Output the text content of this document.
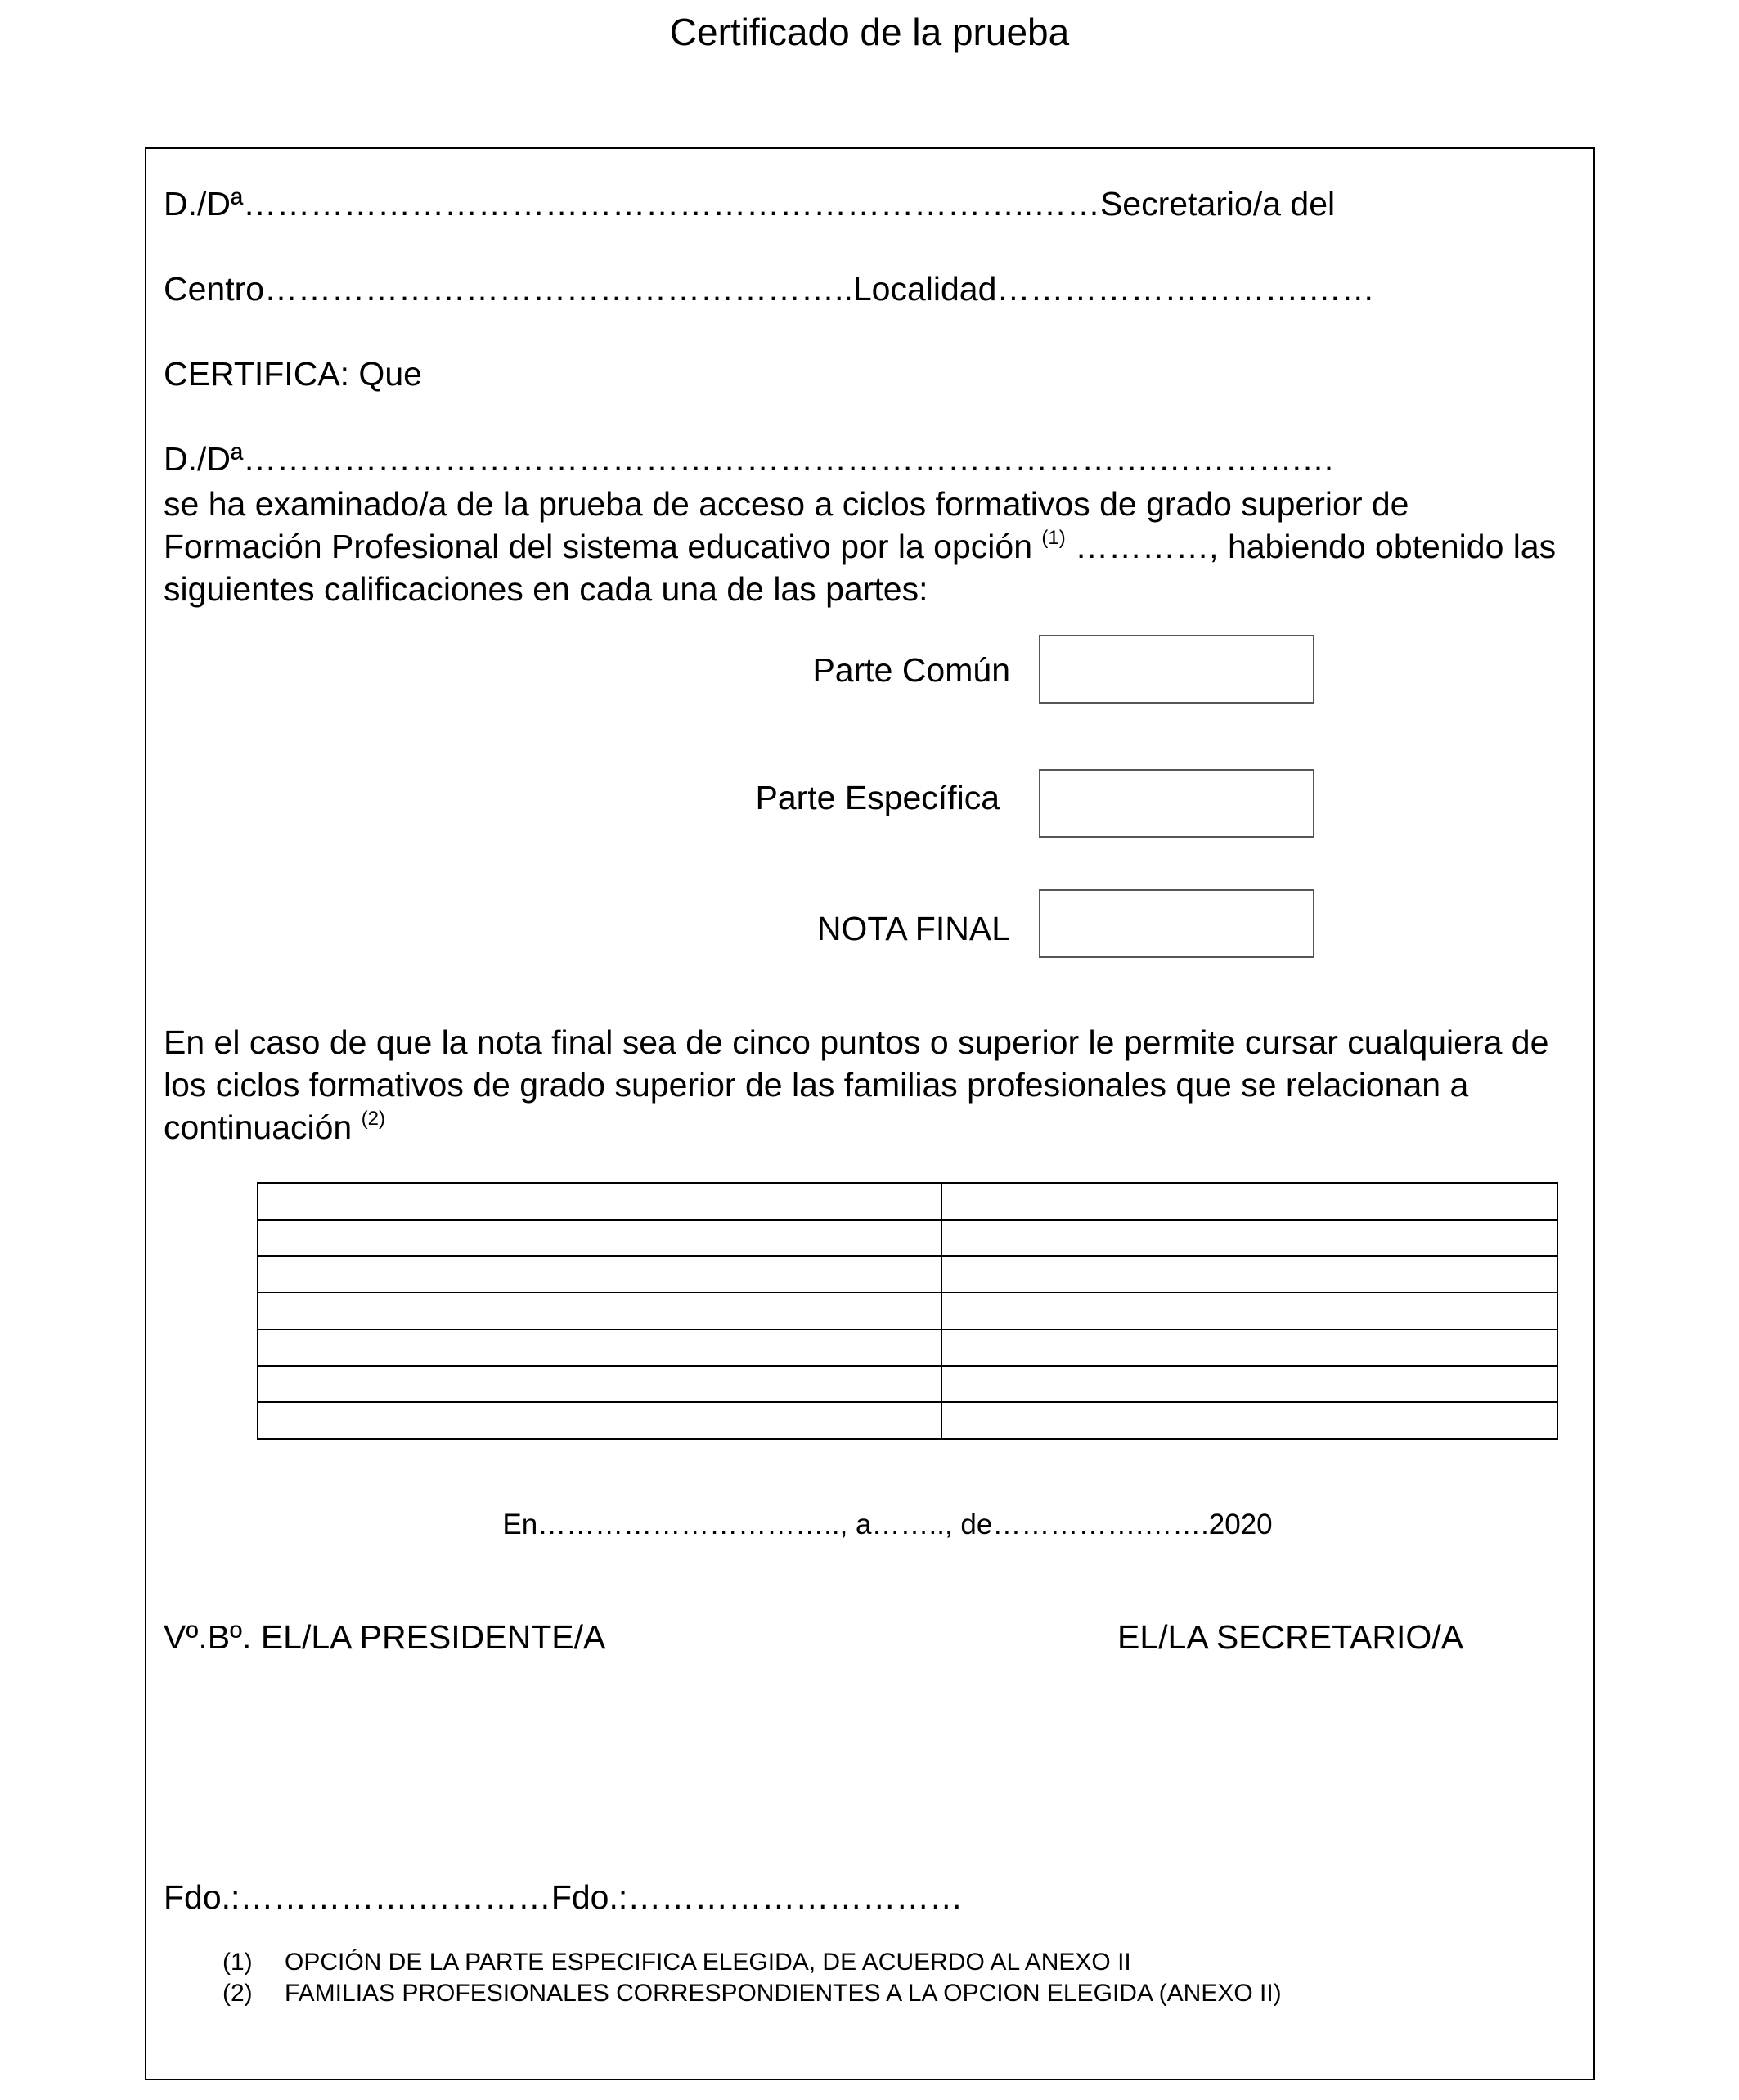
Certificado de la prueba
D./Dª……………………………………………………………..……Secretario/a del
Centro……………………………………………..Localidad……………………….……
CERTIFICA: Que
D./Dª……………………………………………………………………….………….…
se ha examinado/a de la prueba de acceso a ciclos formativos de grado superior de Formación Profesional del sistema educativo por la opción $^{(1)}$ …………, habiendo obtenido las siguientes calificaciones en cada una de las partes:
Parte Común
Parte Específica
NOTA FINAL
En el caso de que la nota final sea de cinco puntos o superior le permite cursar cualquiera de los ciclos formativos de grado superior de las familias profesionales que se relacionan a continuación $^{(2)}$

En………………………….., a…….., de…………….…….2020
Vº.Bº. EL/LA PRESIDENTE/A	EL/LA SECRETARIO/A
Fdo.:…………….…………Fdo.:…………………………
(1)	OPCIÓN DE LA PARTE ESPECIFICA ELEGIDA, DE ACUERDO AL ANEXO II
(2)	FAMILIAS PROFESIONALES CORRESPONDIENTES A LA OPCION ELEGIDA (ANEXO II)
